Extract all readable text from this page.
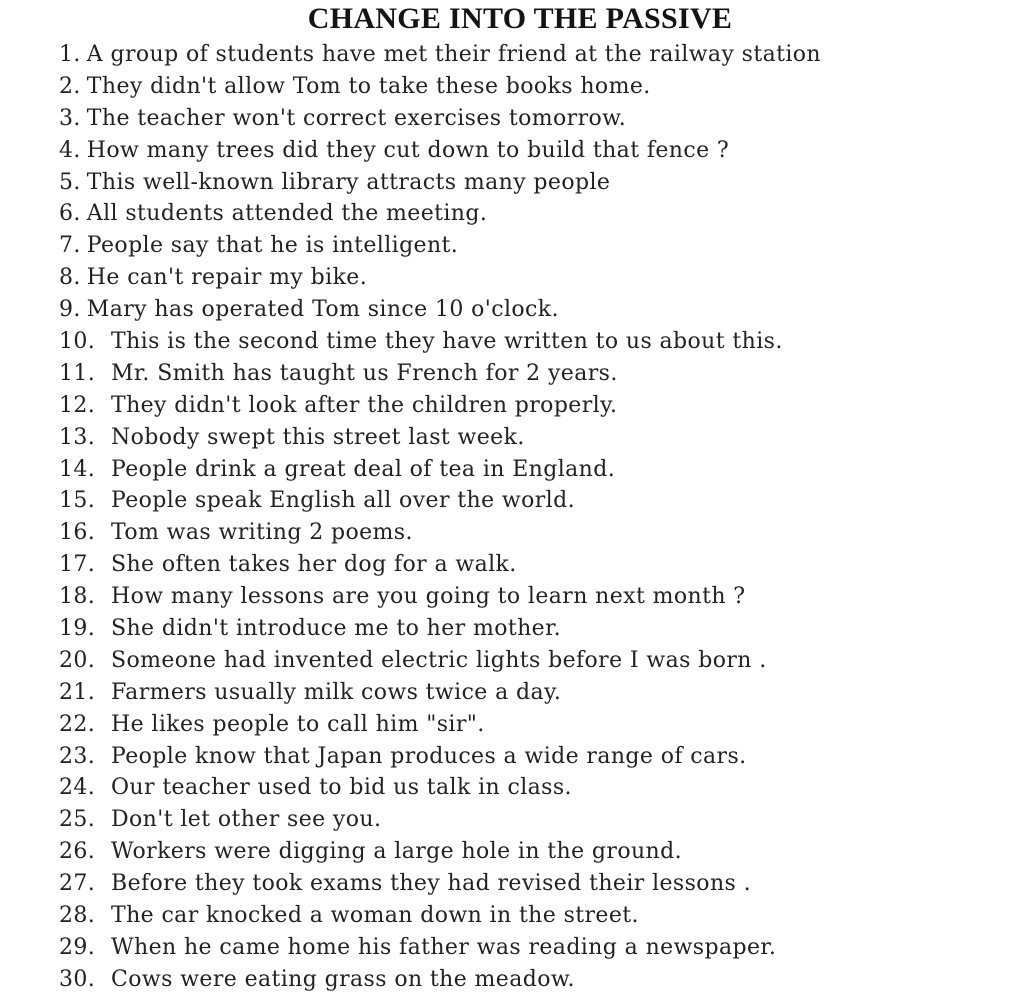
CHANGE INTO THE PASSIVE
1. A group of students have met their friend at the railway station
2. They didn't allow Tom to take these books home.
3. The teacher won't correct exercises tomorrow.
4. How many trees did they cut down to build that fence ?
5. This well-known library attracts many people
6. All students attended the meeting.
7. People say that he is intelligent.
8. He can't repair my bike.
9. Mary has operated Tom since 10 o'clock.
10. This is the second time they have written to us about this.
11. Mr. Smith has taught us French for 2 years.
12. They didn't look after the children properly.
13. Nobody swept this street last week.
14. People drink a great deal of tea in England.
15. People speak English all over the world.
16. Tom was writing 2 poems.
17. She often takes her dog for a walk.
18. How many lessons are you going to learn next month ?
19. She didn't introduce me to her mother.
20. Someone had invented electric lights before I was born .
21. Farmers usually milk cows twice a day.
22. He likes people to call him "sir".
23. People know that Japan produces a wide range of cars.
24. Our teacher used to bid us talk in class.
25. Don't let other see you.
26. Workers were digging a large hole in the ground.
27. Before they took exams they had revised their lessons .
28. The car knocked a woman down in the street.
29. When he came home his father was reading a newspaper.
30. Cows were eating grass on the meadow.
